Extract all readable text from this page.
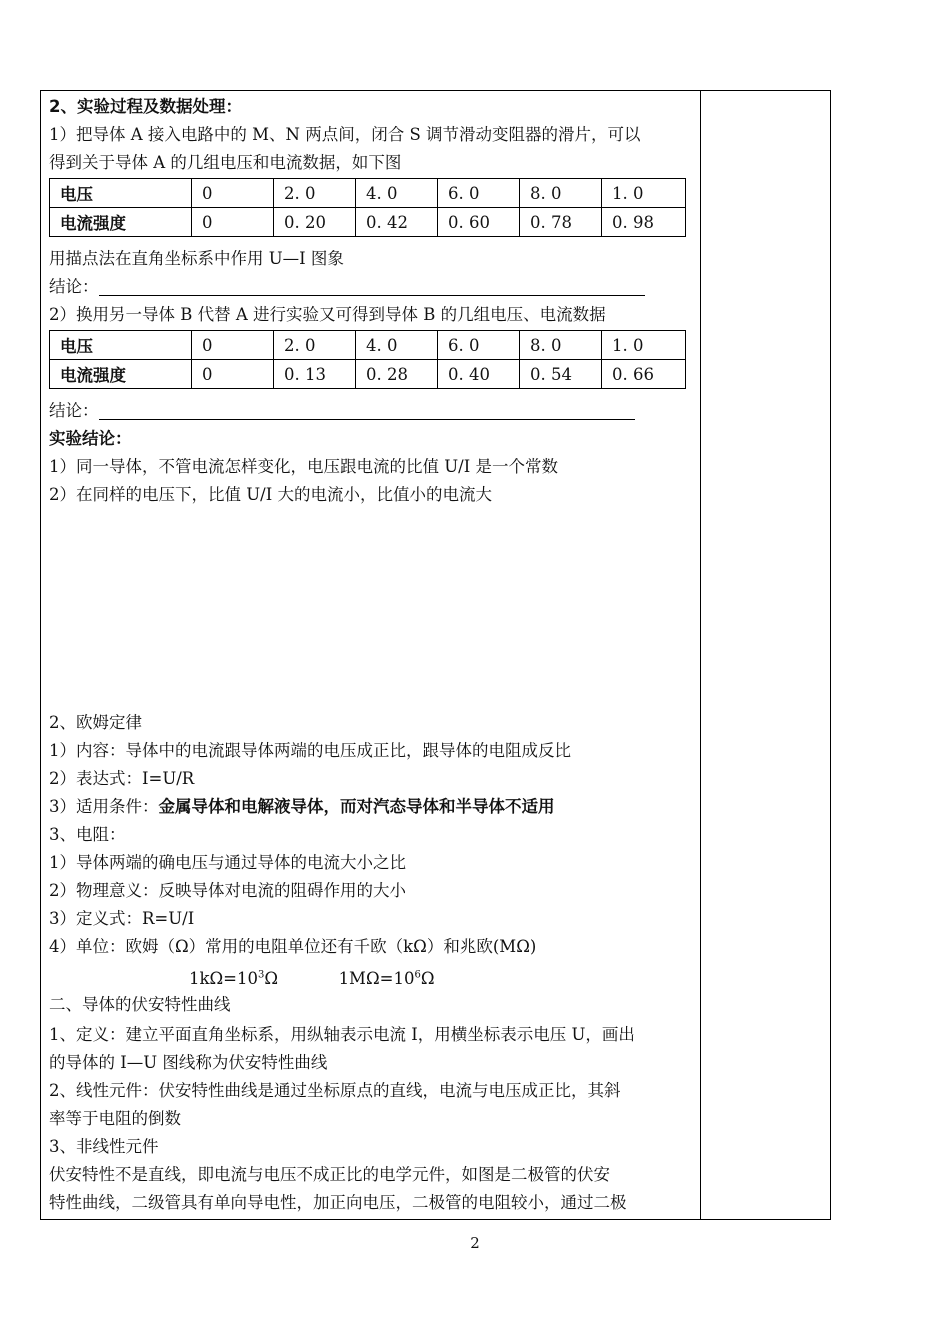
2、实验过程及数据处理：
1）把导体 A 接入电路中的 M、N 两点间，闭合 S 调节滑动变阻器的滑片，可以
得到关于导体 A 的几组电压和电流数据，如下图
电压	0	2. 0	4. 0	6. 0	8. 0	1. 0
电流强度	0	0. 20	0. 42	0. 60	0. 78	0. 98
用描点法在直角坐标系中作用 U—I 图象
结论：
2）换用另一导体 B 代替 A 进行实验又可得到导体 B 的几组电压、电流数据
电压	0	2. 0	4. 0	6. 0	8. 0	1. 0
电流强度	0	0. 13	0. 28	0. 40	0. 54	0. 66
结论：
实验结论：
1）同一导体，不管电流怎样变化，电压跟电流的比值 U/I 是一个常数
2）在同样的电压下，比值 U/I 大的电流小，比值小的电流大
2、欧姆定律
1）内容：导体中的电流跟导体两端的电压成正比，跟导体的电阻成反比
2）表达式：I=U/R
3）适用条件：金属导体和电解液导体，而对汽态导体和半导体不适用
3、电阻：
1）导体两端的确电压与通过导体的电流大小之比
2）物理意义：反映导体对电流的阻碍作用的大小
3）定义式：R=U/I
4）单位：欧姆（Ω）常用的电阻单位还有千欧（kΩ）和兆欧(MΩ)
$1k\Omega=10^3\Omega$	$1M\Omega=10^6\Omega$
二、导体的伏安特性曲线
1、定义：建立平面直角坐标系，用纵轴表示电流 I，用横坐标表示电压 U，画出
的导体的 I—U 图线称为伏安特性曲线
2、线性元件：伏安特性曲线是通过坐标原点的直线，电流与电压成正比，其斜
率等于电阻的倒数
3、非线性元件
伏安特性不是直线，即电流与电压不成正比的电学元件，如图是二极管的伏安
特性曲线，二级管具有单向导电性，加正向电压，二极管的电阻较小，通过二极
2
